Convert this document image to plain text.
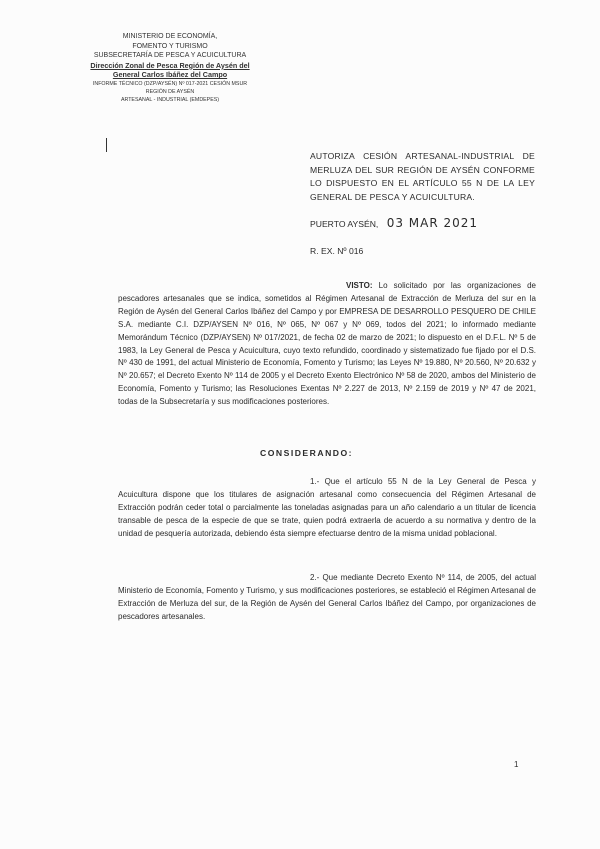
MINISTERIO DE ECONOMÍA,
FOMENTO Y TURISMO
SUBSECRETARÍA DE PESCA Y ACUICULTURA
Dirección Zonal de Pesca Región de Aysén del
General Carlos Ibáñez del Campo
INFORME TÉCNICO (DZP/AYSÉN) Nº 017-2021 CESIÓN MSUR
REGIÓN DE AYSÉN
ARTESANAL - INDUSTRIAL (EMDEPES)
AUTORIZA CESIÓN ARTESANAL-INDUSTRIAL DE MERLUZA DEL SUR REGIÓN DE AYSÉN CONFORME LO DISPUESTO EN EL ARTÍCULO 55 N DE LA LEY GENERAL DE PESCA Y ACUICULTURA.
PUERTO AYSÉN, 03 MAR 2021
R. EX. Nº 016
VISTO: Lo solicitado por las organizaciones de pescadores artesanales que se indica, sometidos al Régimen Artesanal de Extracción de Merluza del sur en la Región de Aysén del General Carlos Ibáñez del Campo y por EMPRESA DE DESARROLLO PESQUERO DE CHILE S.A. mediante C.I. DZP/AYSEN Nº 016, Nº 065, Nº 067 y Nº 069, todos del 2021; lo informado mediante Memorándum Técnico (DZP/AYSEN) Nº 017/2021, de fecha 02 de marzo de 2021; lo dispuesto en el D.F.L. Nº 5 de 1983, la Ley General de Pesca y Acuicultura, cuyo texto refundido, coordinado y sistematizado fue fijado por el D.S. Nº 430 de 1991, del actual Ministerio de Economía, Fomento y Turismo; las Leyes Nº 19.880, Nº 20.560, Nº 20.632 y Nº 20.657; el Decreto Exento Nº 114 de 2005 y el Decreto Exento Electrónico Nº 58 de 2020, ambos del Ministerio de Economía, Fomento y Turismo; las Resoluciones Exentas Nº 2.227 de 2013, Nº 2.159 de 2019 y Nº 47 de 2021, todas de la Subsecretaría y sus modificaciones posteriores.
CONSIDERANDO:
1.- Que el artículo 55 N de la Ley General de Pesca y Acuicultura dispone que los titulares de asignación artesanal como consecuencia del Régimen Artesanal de Extracción podrán ceder total o parcialmente las toneladas asignadas para un año calendario a un titular de licencia transable de pesca de la especie de que se trate, quien podrá extraerla de acuerdo a su normativa y dentro de la unidad de pesquería autorizada, debiendo ésta siempre efectuarse dentro de la misma unidad poblacional.
2.- Que mediante Decreto Exento Nº 114, de 2005, del actual Ministerio de Economía, Fomento y Turismo, y sus modificaciones posteriores, se estableció el Régimen Artesanal de Extracción de Merluza del sur, de la Región de Aysén del General Carlos Ibáñez del Campo, por organizaciones de pescadores artesanales.
1
